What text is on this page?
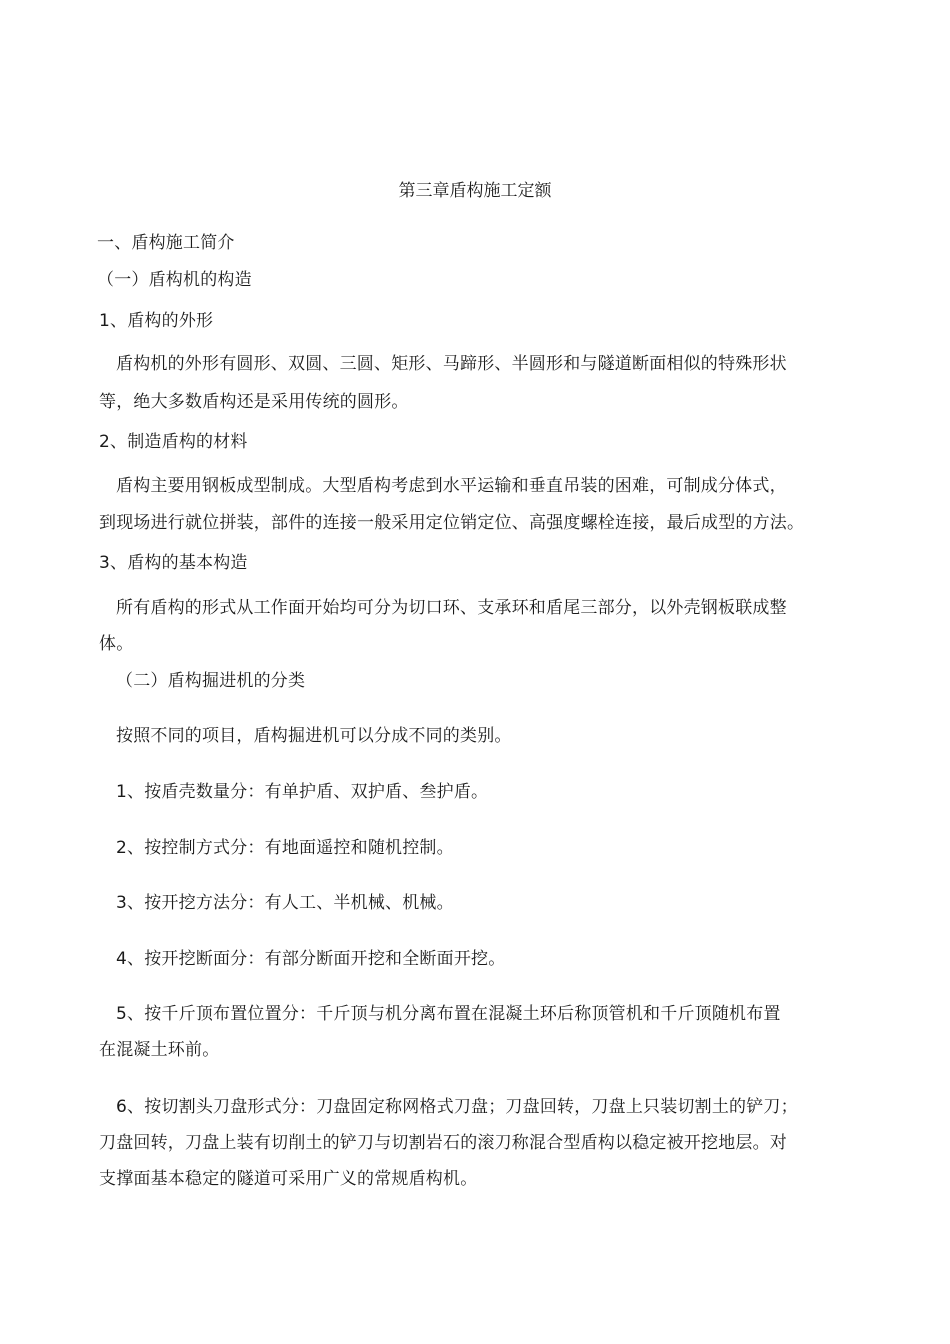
第三章盾构施工定额
一、盾构施工简介
（一）盾构机的构造
1、盾构的外形
盾构机的外形有圆形、双圆、三圆、矩形、马蹄形、半圆形和与隧道断面相似的特殊形状
等，绝大多数盾构还是采用传统的圆形。
2、制造盾构的材料
盾构主要用钢板成型制成。大型盾构考虑到水平运输和垂直吊装的困难，可制成分体式，
到现场进行就位拼装，部件的连接一般采用定位销定位、高强度螺栓连接，最后成型的方法。
3、盾构的基本构造
所有盾构的形式从工作面开始均可分为切口环、支承环和盾尾三部分，以外壳钢板联成整
体。
（二）盾构掘进机的分类
按照不同的项目，盾构掘进机可以分成不同的类别。
1、按盾壳数量分：有单护盾、双护盾、叁护盾。
2、按控制方式分：有地面遥控和随机控制。
3、按开挖方法分：有人工、半机械、机械。
4、按开挖断面分：有部分断面开挖和全断面开挖。
5、按千斤顶布置位置分：千斤顶与机分离布置在混凝土环后称顶管机和千斤顶随机布置
在混凝土环前。
6、按切割头刀盘形式分：刀盘固定称网格式刀盘；刀盘回转，刀盘上只装切割土的铲刀；
刀盘回转，刀盘上装有切削土的铲刀与切割岩石的滚刀称混合型盾构以稳定被开挖地层。对
支撑面基本稳定的隧道可采用广义的常规盾构机。
